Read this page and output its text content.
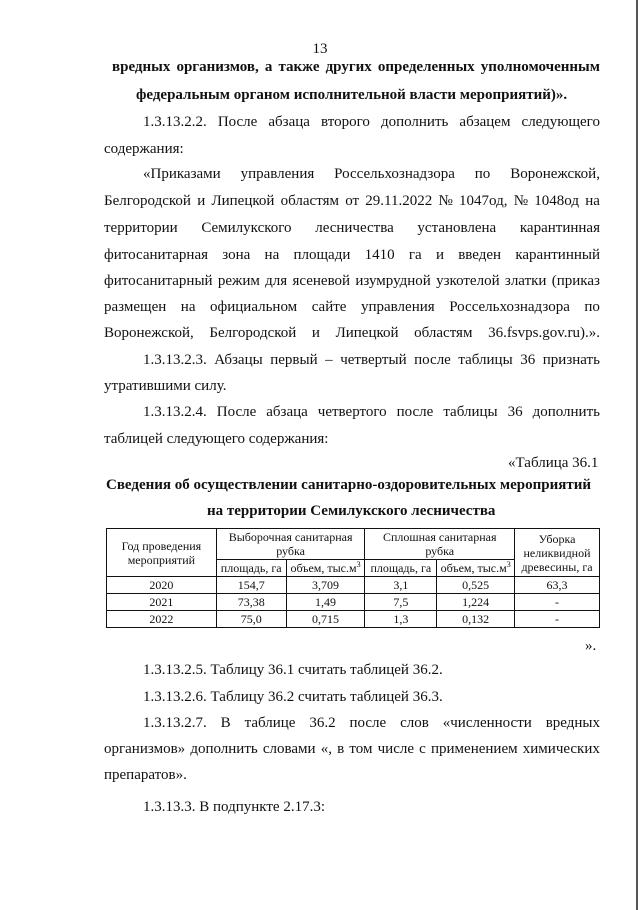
13
вредных организмов, а также других определенных уполномоченным
федеральным органом исполнительной власти мероприятий)».
1.3.13.2.2. После абзаца второго дополнить абзацем следующего
содержания:
«Приказами управления Россельхознадзора по Воронежской,
Белгородской и Липецкой областям от 29.11.2022 № 1047од, № 1048од на
территории Семилукского лесничества установлена карантинная
фитосанитарная зона на площади 1410 га и введен карантинный
фитосанитарный режим для ясеневой изумрудной узкотелой златки (приказ
размещен на официальном сайте управления Россельхознадзора по
Воронежской, Белгородской и Липецкой областям 36.fsvps.gov.ru).».
1.3.13.2.3. Абзацы первый – четвертый после таблицы 36 признать
утратившими силу.
1.3.13.2.4. После абзаца четвертого после таблицы 36 дополнить
таблицей следующего содержания:
«Таблица 36.1
Сведения об осуществлении санитарно-оздоровительных мероприятий
на территории Семилукского лесничества
Год проведения мероприятий	Выборочная санитарная рубка		Сплошная санитарная рубка		Уборка неликвидной древесины, га
	площадь, га	объем, $тыс.м^3$	площадь, га	объем, $тыс.м^3$
2020	154,7	3,709	3,1	0,525	63,3
2021	73,38	1,49	7,5	1,224	-
2022	75,0	0,715	1,3	0,132	-
».
1.3.13.2.5. Таблицу 36.1 считать таблицей 36.2.
1.3.13.2.6. Таблицу 36.2 считать таблицей 36.3.
1.3.13.2.7. В таблице 36.2 после слов «численности вредных
организмов» дополнить словами «, в том числе с применением химических
препаратов».
1.3.13.3. В подпункте 2.17.3:
